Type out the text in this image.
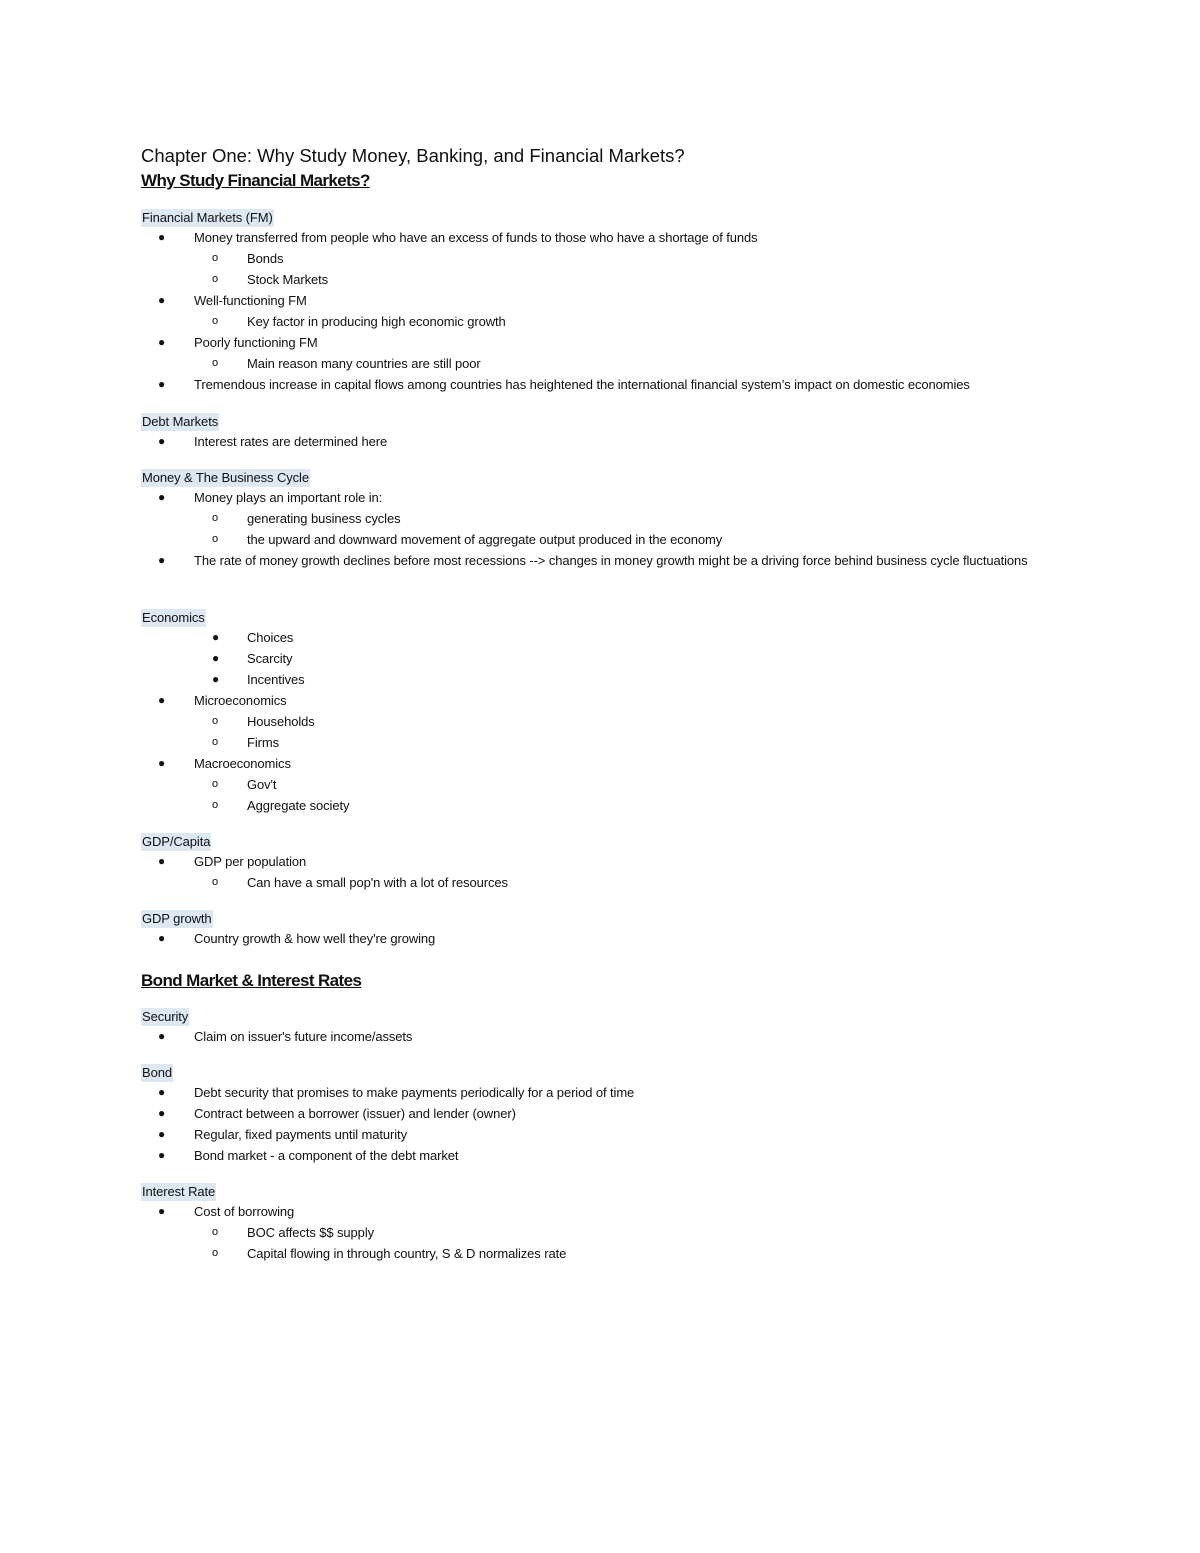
Chapter One: Why Study Money, Banking, and Financial Markets?
Why Study Financial Markets?
Financial Markets (FM)
● Money transferred from people who have an excess of funds to those who have a shortage of funds
o Bonds
o Stock Markets
● Well-functioning FM
o Key factor in producing high economic growth
● Poorly functioning FM
o Main reason many countries are still poor
● Tremendous increase in capital flows among countries has heightened the international financial system’s impact on domestic economies
Debt Markets
● Interest rates are determined here
Money & The Business Cycle
● Money plays an important role in:
o generating business cycles
o the upward and downward movement of aggregate output produced in the economy
● The rate of money growth declines before most recessions --> changes in money growth might be a driving force behind business cycle fluctuations
Economics
● Choices
● Scarcity
● Incentives
● Microeconomics
o Households
o Firms
● Macroeconomics
o Gov't
o Aggregate society
GDP/Capita
● GDP per population
o Can have a small pop'n with a lot of resources
GDP growth
● Country growth & how well they're growing
Bond Market & Interest Rates
Security
● Claim on issuer's future income/assets
Bond
● Debt security that promises to make payments periodically for a period of time
● Contract between a borrower (issuer) and lender (owner)
● Regular, fixed payments until maturity
● Bond market - a component of the debt market
Interest Rate
● Cost of borrowing
o BOC affects $$ supply
o Capital flowing in through country, S & D normalizes rate
